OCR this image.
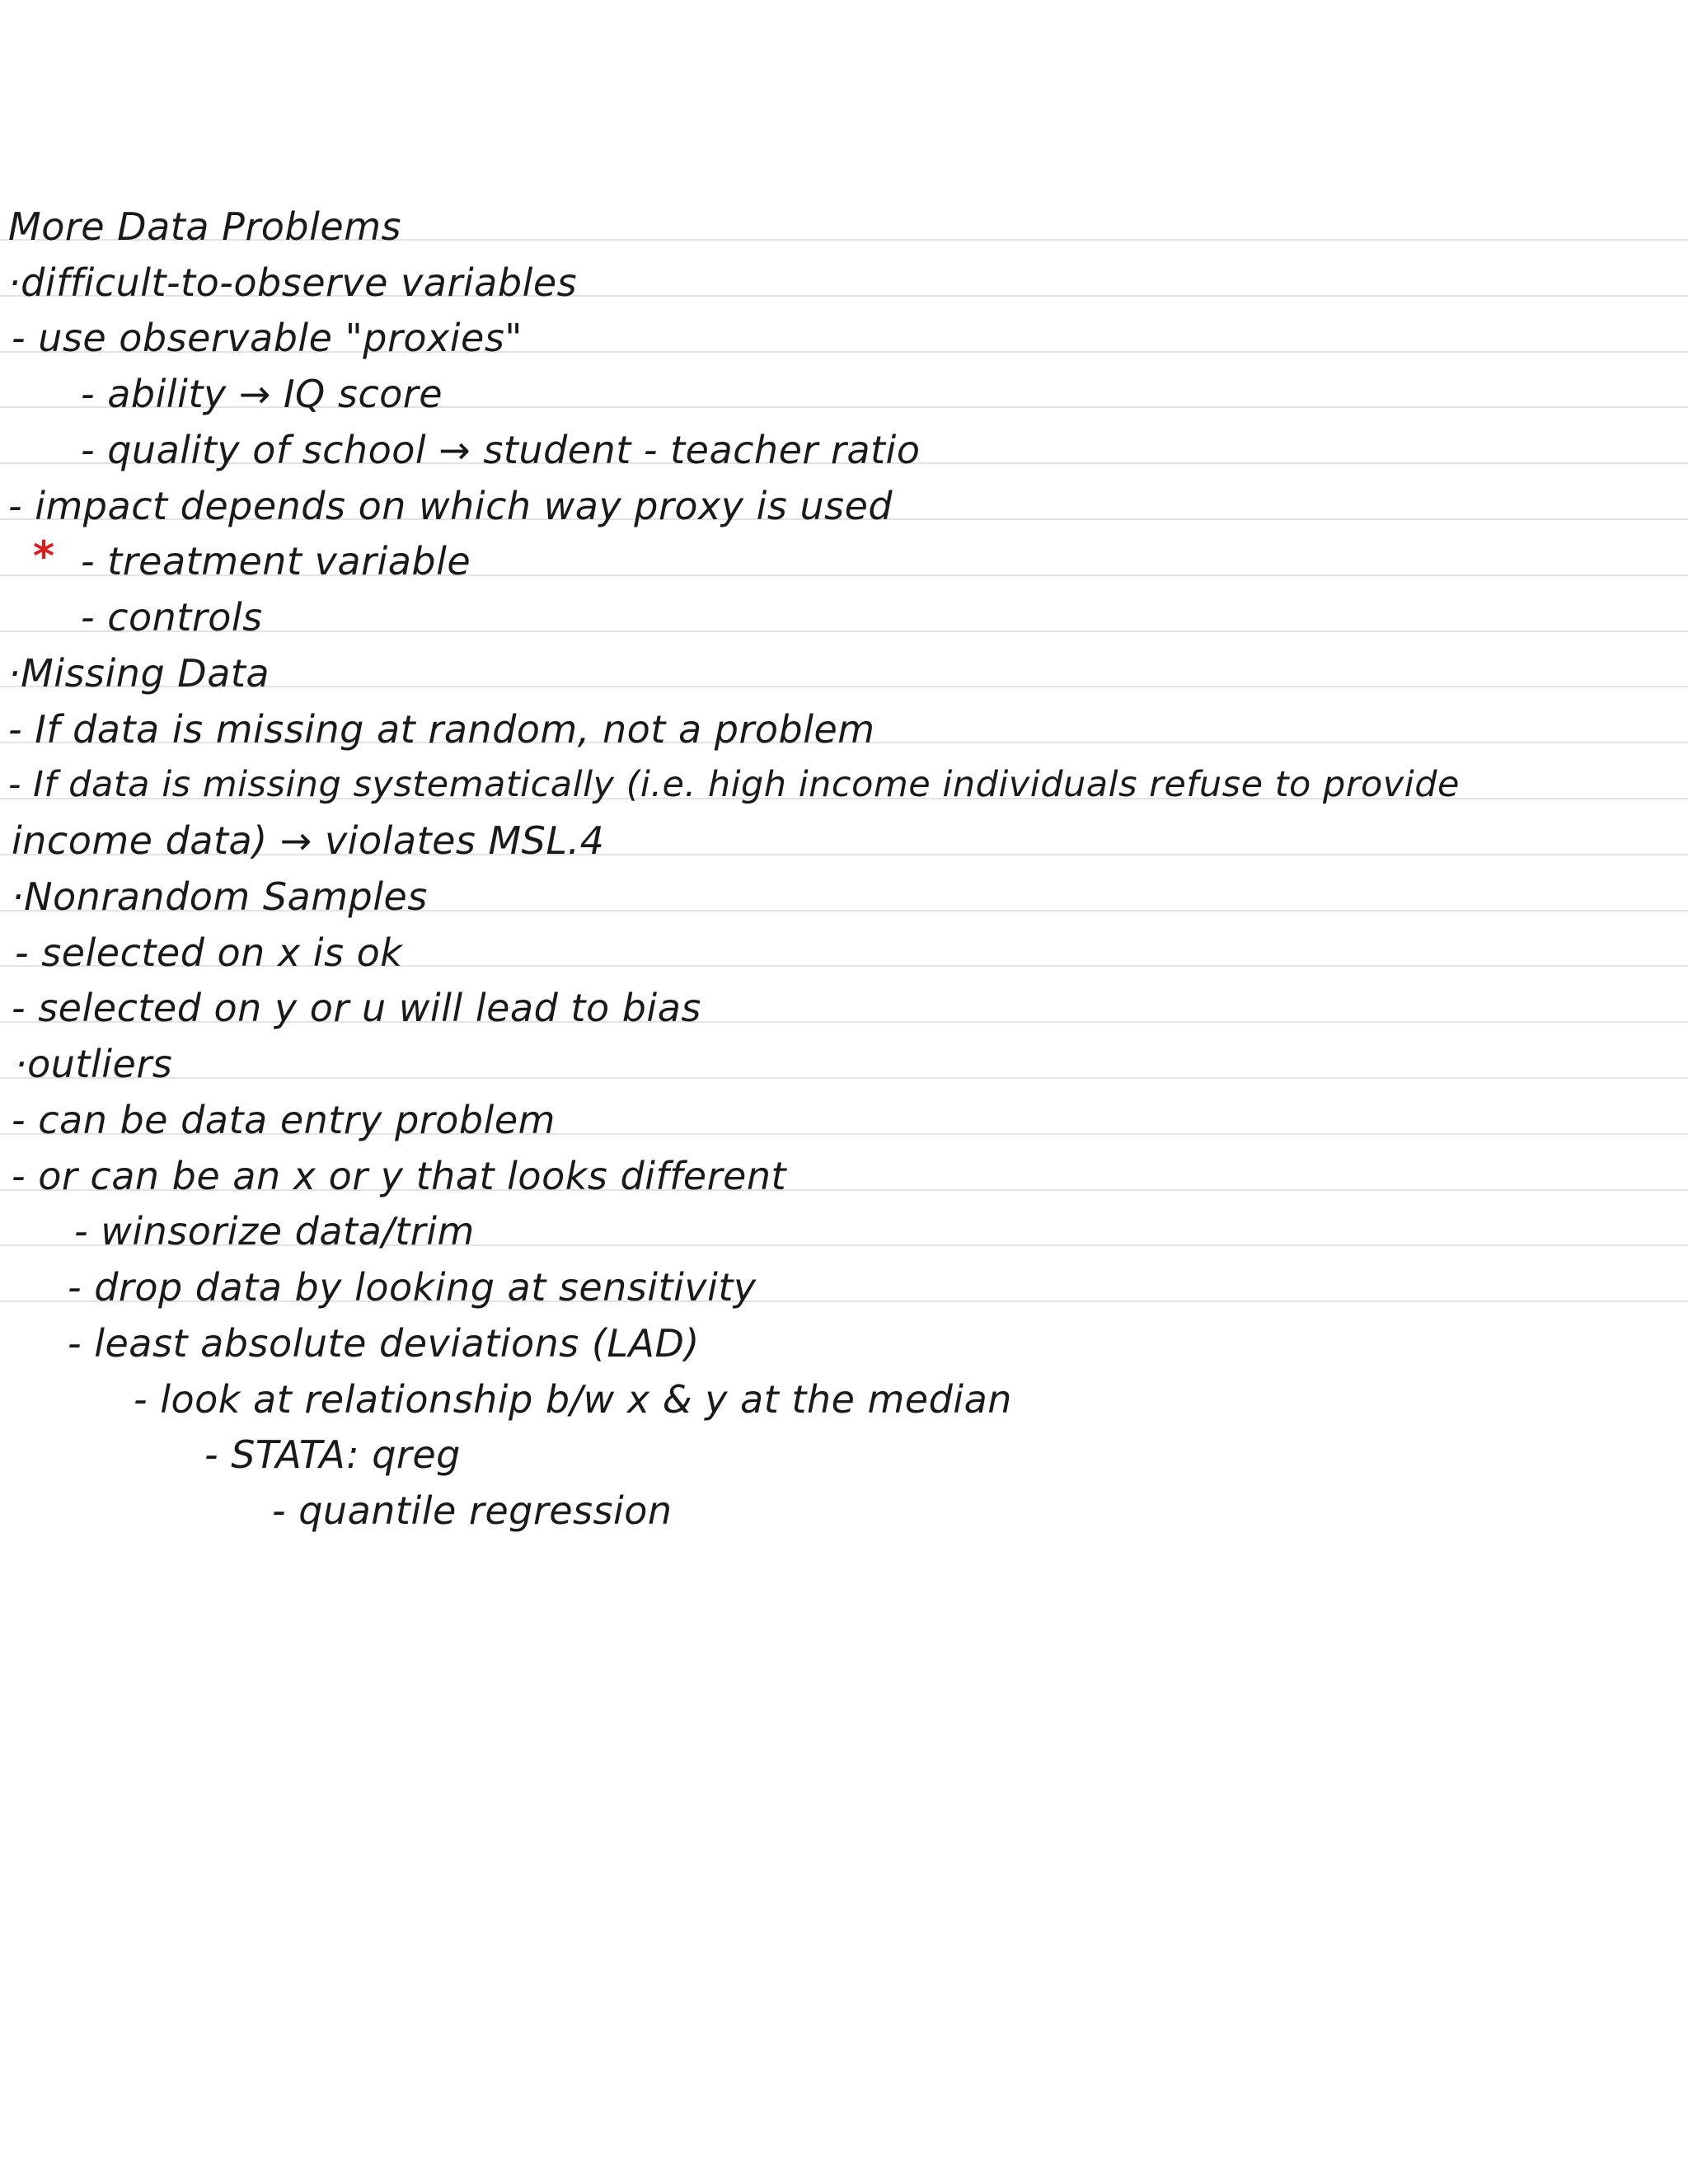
More Data Problems
·difficult-to-observe variables
- use observable "proxies"
- ability → IQ score
- quality of school → student - teacher ratio
- impact depends on which way proxy is used
* - treatment variable
- controls
·Missing Data
- If data is missing at random, not a problem
- If data is missing systematically (i.e. high income individuals refuse to provide
income data) → violates MSL.4
·Nonrandom Samples
- selected on x is ok
- selected on y or u will lead to bias
·outliers
- can be data entry problem
- or can be an x or y that looks different
- winsorize data/trim
- drop data by looking at sensitivity
- least absolute deviations (LAD)
- look at relationship b/w x & y at the median
- STATA: qreg
- quantile regression
